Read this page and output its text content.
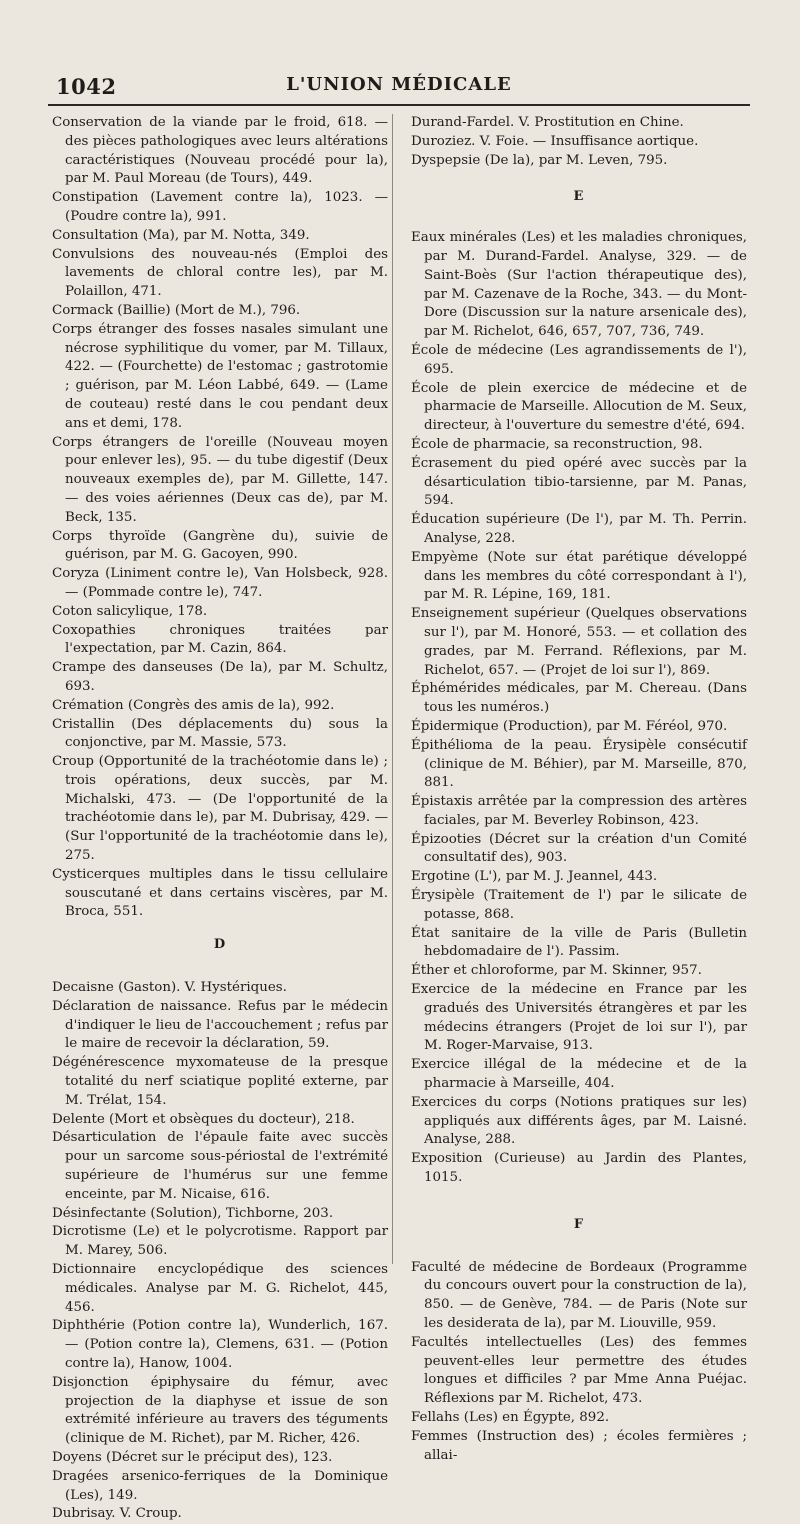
1042	L'UNION MÉDICALE

Conservation de la viande par le froid, 618. — des pièces pathologiques avec leurs altérations caractéristiques (Nouveau procédé pour la), par M. Paul Moreau (de Tours), 449.

Constipation (Lavement contre la), 1023. — (Poudre contre la), 991.

Consultation (Ma), par M. Notta, 349.

Convulsions des nouveau-nés (Emploi des lavements de chloral contre les), par M. Polaillon, 471.

Cormack (Baillie) (Mort de M.), 796.

Corps étranger des fosses nasales simulant une nécrose syphilitique du vomer, par M. Tillaux, 422. — (Fourchette) de l'estomac ; gastrotomie ; guérison, par M. Léon Labbé, 649. — (Lame de couteau) resté dans le cou pendant deux ans et demi, 178.

Corps étrangers de l'oreille (Nouveau moyen pour enlever les), 95. — du tube digestif (Deux nouveaux exemples de), par M. Gillette, 147. — des voies aériennes (Deux cas de), par M. Beck, 135.

Corps thyroïde (Gangrène du), suivie de guérison, par M. G. Gacoyen, 990.

Coryza (Liniment contre le), Van Holsbeck, 928. — (Pommade contre le), 747.

Coton salicylique, 178.

Coxopathies chroniques traitées par l'expectation, par M. Cazin, 864.

Crampe des danseuses (De la), par M. Schultz, 693.

Crémation (Congrès des amis de la), 992.

Cristallin (Des déplacements du) sous la conjonctive, par M. Massie, 573.

Croup (Opportunité de la trachéotomie dans le) ; trois opérations, deux succès, par M. Michalski, 473. — (De l'opportunité de la trachéotomie dans le), par M. Dubrisay, 429. — (Sur l'opportunité de la trachéotomie dans le), 275.

Cysticerques multiples dans le tissu cellulaire souscutané et dans certains viscères, par M. Broca, 551.

D

Decaisne (Gaston). V. Hystériques.

Déclaration de naissance. Refus par le médecin d'indiquer le lieu de l'accouchement ; refus par le maire de recevoir la déclaration, 59.

Dégénérescence myxomateuse de la presque totalité du nerf sciatique poplité externe, par M. Trélat, 154.

Delente (Mort et obsèques du docteur), 218.

Désarticulation de l'épaule faite avec succès pour un sarcome sous-périostal de l'extrémité supérieure de l'humérus sur une femme enceinte, par M. Nicaise, 616.

Désinfectante (Solution), Tichborne, 203.

Dicrotisme (Le) et le polycrotisme. Rapport par M. Marey, 506.

Dictionnaire encyclopédique des sciences médicales. Analyse par M. G. Richelot, 445, 456.

Diphthérie (Potion contre la), Wunderlich, 167. — (Potion contre la), Clemens, 631. — (Potion contre la), Hanow, 1004.

Disjonction épiphysaire du fémur, avec projection de la diaphyse et issue de son extrémité inférieure au travers des téguments (clinique de M. Richet), par M. Richer, 426.

Doyens (Décret sur le préciput des), 123.

Dragées arsenico-ferriques de la Dominique (Les), 149.

Dubrisay. V. Croup.

Durand-Fardel. V. Prostitution en Chine.

Duroziez. V. Foie. — Insuffisance aortique.

Dyspepsie (De la), par M. Leven, 795.

E

Eaux minérales (Les) et les maladies chroniques, par M. Durand-Fardel. Analyse, 329. — de Saint-Boès (Sur l'action thérapeutique des), par M. Cazenave de la Roche, 343. — du Mont-Dore (Discussion sur la nature arsenicale des), par M. Richelot, 646, 657, 707, 736, 749.

École de médecine (Les agrandissements de l'), 695.

École de plein exercice de médecine et de pharmacie de Marseille. Allocution de M. Seux, directeur, à l'ouverture du semestre d'été, 694.

École de pharmacie, sa reconstruction, 98.

Écrasement du pied opéré avec succès par la désarticulation tibio-tarsienne, par M. Panas, 594.

Éducation supérieure (De l'), par M. Th. Perrin. Analyse, 228.

Empyème (Note sur état parétique développé dans les membres du côté correspondant à l'), par M. R. Lépine, 169, 181.

Enseignement supérieur (Quelques observations sur l'), par M. Honoré, 553. — et collation des grades, par M. Ferrand. Réflexions, par M. Richelot, 657. — (Projet de loi sur l'), 869.

Éphémérides médicales, par M. Chereau. (Dans tous les numéros.)

Épidermique (Production), par M. Féréol, 970.

Épithélioma de la peau. Érysipèle consécutif (clinique de M. Béhier), par M. Marseille, 870, 881.

Épistaxis arrêtée par la compression des artères faciales, par M. Beverley Robinson, 423.

Épizooties (Décret sur la création d'un Comité consultatif des), 903.

Ergotine (L'), par M. J. Jeannel, 443.

Érysipèle (Traitement de l') par le silicate de potasse, 868.

État sanitaire de la ville de Paris (Bulletin hebdomadaire de l'). Passim.

Éther et chloroforme, par M. Skinner, 957.

Exercice de la médecine en France par les gradués des Universités étrangères et par les médecins étrangers (Projet de loi sur l'), par M. Roger-Marvaise, 913.

Exercice illégal de la médecine et de la pharmacie à Marseille, 404.

Exercices du corps (Notions pratiques sur les) appliqués aux différents âges, par M. Laisné. Analyse, 288.

Exposition (Curieuse) au Jardin des Plantes, 1015.

F

Faculté de médecine de Bordeaux (Programme du concours ouvert pour la construction de la), 850. — de Genève, 784. — de Paris (Note sur les desiderata de la), par M. Liouville, 959.

Facultés intellectuelles (Les) des femmes peuvent-elles leur permettre des études longues et difficiles ? par Mme Anna Puéjac. Réflexions par M. Richelot, 473.

Fellahs (Les) en Égypte, 892.

Femmes (Instruction des) ; écoles fermières ; allai-
